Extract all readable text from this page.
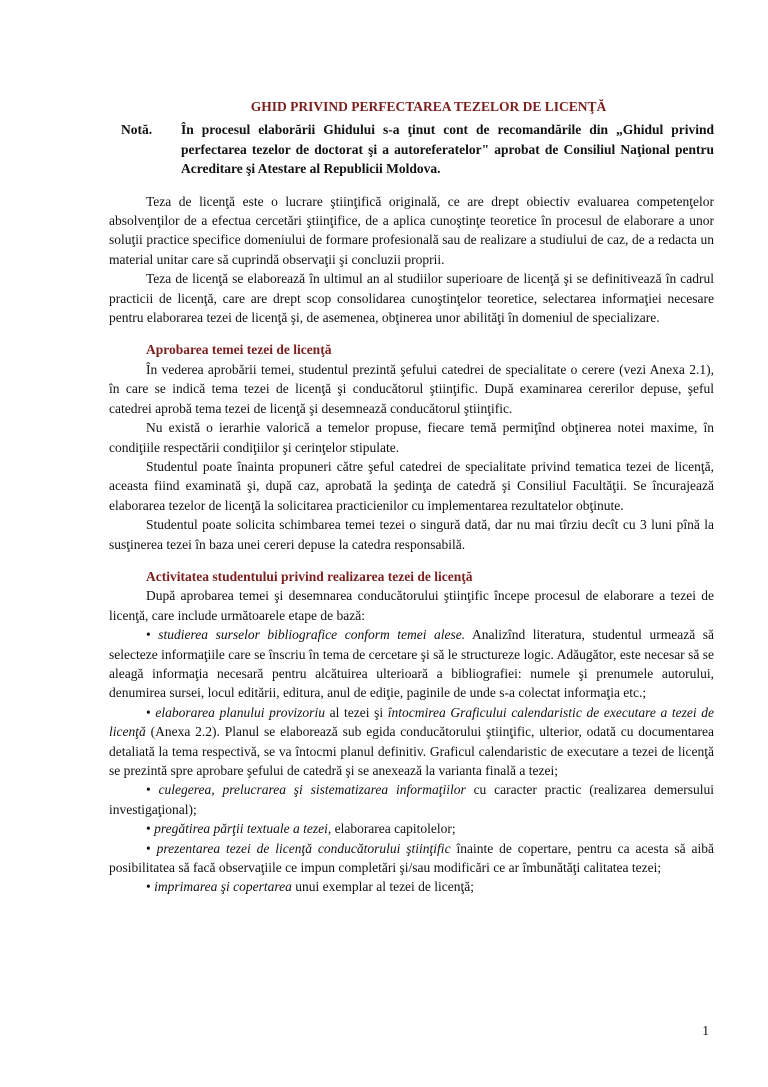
GHID PRIVIND PERFECTAREA TEZELOR DE LICENŢĂ
Notă. În procesul elaborării Ghidului s-a ţinut cont de recomandările din „Ghidul privind perfectarea tezelor de doctorat şi a autoreferatelor" aprobat de Consiliul Naţional pentru Acreditare şi Atestare al Republicii Moldova.

Teza de licenţă este o lucrare ştiinţifică originală, ce are drept obiectiv evaluarea competenţelor absolvenţilor de a efectua cercetări ştiinţifice, de a aplica cunoştinţe teoretice în procesul de elaborare a unor soluţii practice specifice domeniului de formare profesională sau de realizare a studiului de caz, de a redacta un material unitar care să cuprindă observaţii şi concluzii proprii.

Teza de licenţă se elaborează în ultimul an al studiilor superioare de licenţă şi se definitivează în cadrul practicii de licenţă, care are drept scop consolidarea cunoştinţelor teoretice, selectarea informaţiei necesare pentru elaborarea tezei de licenţă şi, de asemenea, obţinerea unor abilităţi în domeniul de specializare.

Aprobarea temei tezei de licenţă

În vederea aprobării temei, studentul prezintă şefului catedrei de specialitate o cerere (vezi Anexa 2.1), în care se indică tema tezei de licenţă şi conducătorul ştiinţific. După examinarea cererilor depuse, şeful catedrei aprobă tema tezei de licenţă şi desemnează conducătorul ştiinţific.

Nu există o ierarhie valorică a temelor propuse, fiecare temă permiţînd obţinerea notei maxime, în condiţiile respectării condiţiilor şi cerinţelor stipulate.

Studentul poate înainta propuneri către şeful catedrei de specialitate privind tematica tezei de licenţă, aceasta fiind examinată şi, după caz, aprobată la şedinţa de catedră şi Consiliul Facultăţii. Se încurajează elaborarea tezelor de licenţă la solicitarea practicienilor cu implementarea rezultatelor obţinute.

Studentul poate solicita schimbarea temei tezei o singură dată, dar nu mai tîrziu decît cu 3 luni pînă la susţinerea tezei în baza unei cereri depuse la catedra responsabilă.

Activitatea studentului privind realizarea tezei de licenţă

După aprobarea temei şi desemnarea conducătorului ştiinţific începe procesul de elaborare a tezei de licenţă, care include următoarele etape de bază:

• studierea surselor bibliografice conform temei alese. Analizînd literatura, studentul urmează să selecteze informaţiile care se înscriu în tema de cercetare şi să le structureze logic. Adăugător, este necesar să se aleagă informaţia necesară pentru alcătuirea ulterioară a bibliografiei: numele şi prenumele autorului, denumirea sursei, locul editării, editura, anul de ediţie, paginile de unde s-a colectat informaţia etc.;

• elaborarea planului provizoriu al tezei şi întocmirea Graficului calendaristic de executare a tezei de licenţă (Anexa 2.2). Planul se elaborează sub egida conducătorului ştiinţific, ulterior, odată cu documentarea detaliată la tema respectivă, se va întocmi planul definitiv. Graficul calendaristic de executare a tezei de licenţă se prezintă spre aprobare şefului de catedră şi se anexează la varianta finală a tezei;

• culegerea, prelucrarea şi sistematizarea informaţiilor cu caracter practic (realizarea demersului investigaţional);

• pregătirea părţii textuale a tezei, elaborarea capitolelor;

• prezentarea tezei de licenţă conducătorului ştiinţific înainte de copertare, pentru ca acesta să aibă posibilitatea să facă observaţiile ce impun completări şi/sau modificări ce ar îmbunătăţi calitatea tezei;

• imprimarea şi copertarea unui exemplar al tezei de licenţă;

1
